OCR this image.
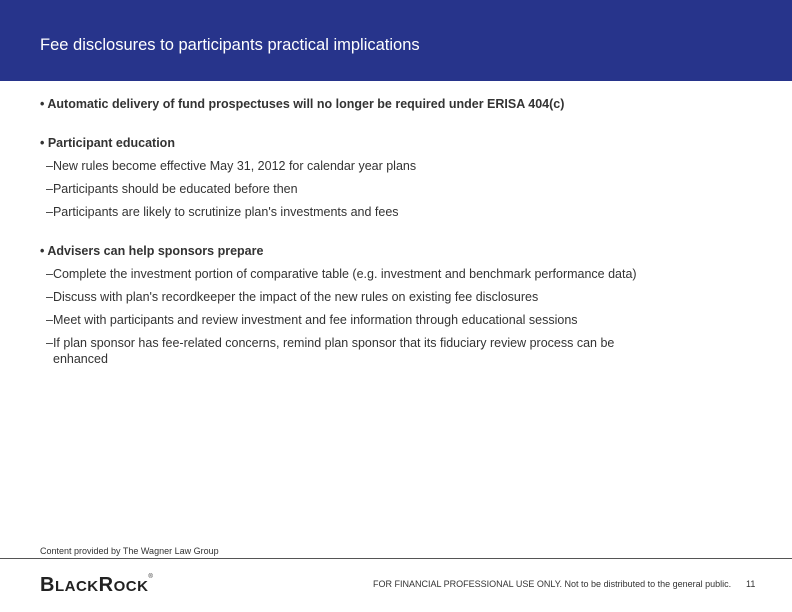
Fee disclosures to participants practical implications
• Automatic delivery of fund prospectuses will no longer be required under ERISA 404(c)
• Participant education
–New rules become effective May 31, 2012 for calendar year plans
–Participants should be educated before then
–Participants are likely to scrutinize plan's investments and fees
• Advisers can help sponsors prepare
–Complete the investment portion of comparative table (e.g. investment and benchmark performance data)
–Discuss with plan's recordkeeper the impact of the new rules on existing fee disclosures
–Meet with participants and review investment and fee information through educational sessions
–If plan sponsor has fee-related concerns, remind plan sponsor that its fiduciary review process can be
enhanced
Content provided by The Wagner Law Group
BLACKROCK®
FOR FINANCIAL PROFESSIONAL USE ONLY. Not to be distributed to the general public. 11
